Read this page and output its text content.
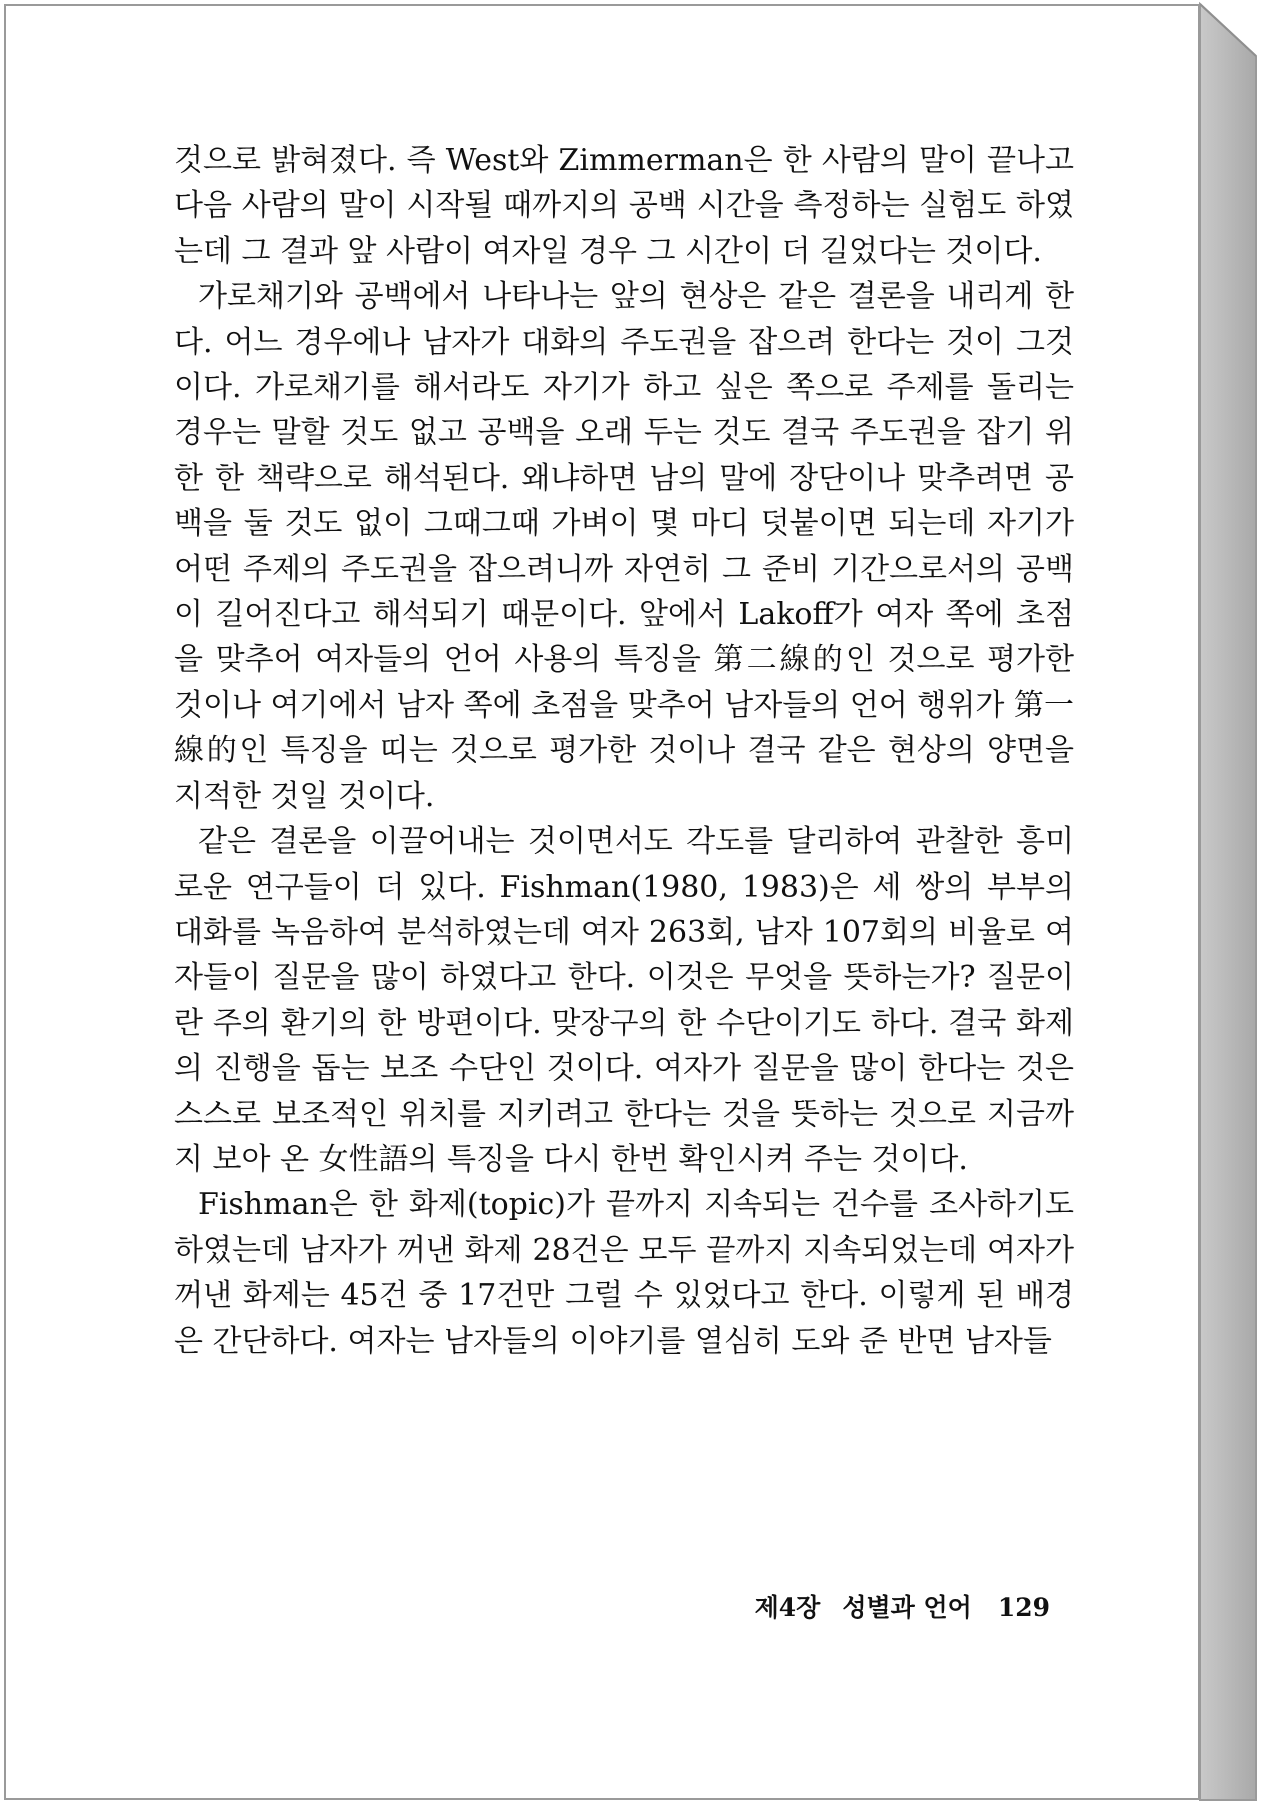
것으로 밝혀졌다. 즉 West와 Zimmerman은 한 사람의 말이 끝나고 다음 사람의 말이 시작될 때까지의 공백 시간을 측정하는 실험도 하였는데 그 결과 앞 사람이 여자일 경우 그 시간이 더 길었다는 것이다.

가로채기와 공백에서 나타나는 앞의 현상은 같은 결론을 내리게 한다. 어느 경우에나 남자가 대화의 주도권을 잡으려 한다는 것이 그것이다. 가로채기를 해서라도 자기가 하고 싶은 쪽으로 주제를 돌리는 경우는 말할 것도 없고 공백을 오래 두는 것도 결국 주도권을 잡기 위한 한 책략으로 해석된다. 왜냐하면 남의 말에 장단이나 맞추려면 공백을 둘 것도 없이 그때그때 가벼이 몇 마디 덧붙이면 되는데 자기가 어떤 주제의 주도권을 잡으려니까 자연히 그 준비 기간으로서의 공백이 길어진다고 해석되기 때문이다. 앞에서 Lakoff가 여자 쪽에 초점을 맞추어 여자들의 언어 사용의 특징을 第二線的인 것으로 평가한 것이나 여기에서 남자 쪽에 초점을 맞추어 남자들의 언어 행위가 第一線的인 특징을 띠는 것으로 평가한 것이나 결국 같은 현상의 양면을 지적한 것일 것이다.

같은 결론을 이끌어내는 것이면서도 각도를 달리하여 관찰한 흥미로운 연구들이 더 있다. Fishman(1980, 1983)은 세 쌍의 부부의 대화를 녹음하여 분석하였는데 여자 263회, 남자 107회의 비율로 여자들이 질문을 많이 하였다고 한다. 이것은 무엇을 뜻하는가? 질문이란 주의 환기의 한 방편이다. 맞장구의 한 수단이기도 하다. 결국 화제의 진행을 돕는 보조 수단인 것이다. 여자가 질문을 많이 한다는 것은 스스로 보조적인 위치를 지키려고 한다는 것을 뜻하는 것으로 지금까지 보아 온 女性語의 특징을 다시 한번 확인시켜 주는 것이다.

Fishman은 한 화제(topic)가 끝까지 지속되는 건수를 조사하기도 하였는데 남자가 꺼낸 화제 28건은 모두 끝까지 지속되었는데 여자가 꺼낸 화제는 45건 중 17건만 그럴 수 있었다고 한다. 이렇게 된 배경은 간단하다. 여자는 남자들의 이야기를 열심히 도와 준 반면 남자들

제4장 성별과 언어 129
